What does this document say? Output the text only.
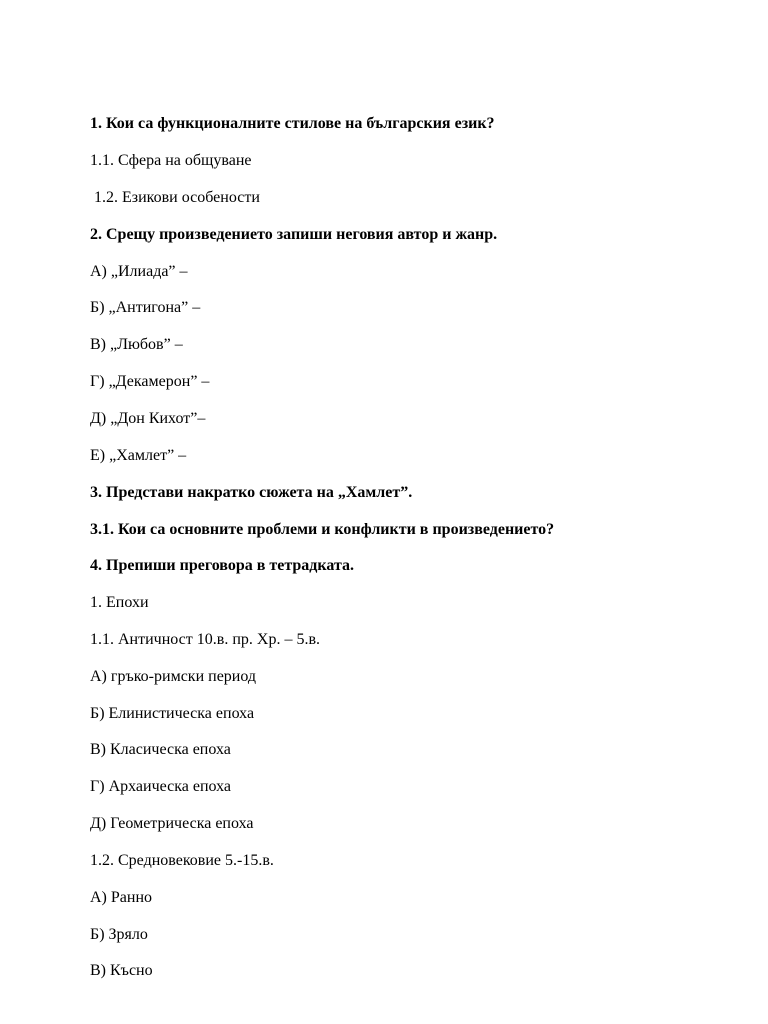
1. Кои са функционалните стилове на българския език?

1.1. Сфера на общуване

1.2. Езикови особености

2. Срещу произведението запиши неговия автор и жанр.

А) „Илиада” –

Б) „Антигона” –

В) „Любов” –

Г) „Декамерон” –

Д) „Дон Кихот”–

Е) „Хамлет” –

3. Представи накратко сюжета на „Хамлет”.

3.1. Кои са основните проблеми и конфликти в произведението?

4. Препиши преговора в тетрадката.

1. Епохи

1.1. Античност 10.в. пр. Хр. – 5.в.

А) гръко-римски период

Б) Елинистическа епоха

В) Класическа епоха

Г) Архаическа епоха

Д) Геометрическа епоха

1.2. Средновековие 5.-15.в.

А) Ранно

Б) Зряло

В) Късно
